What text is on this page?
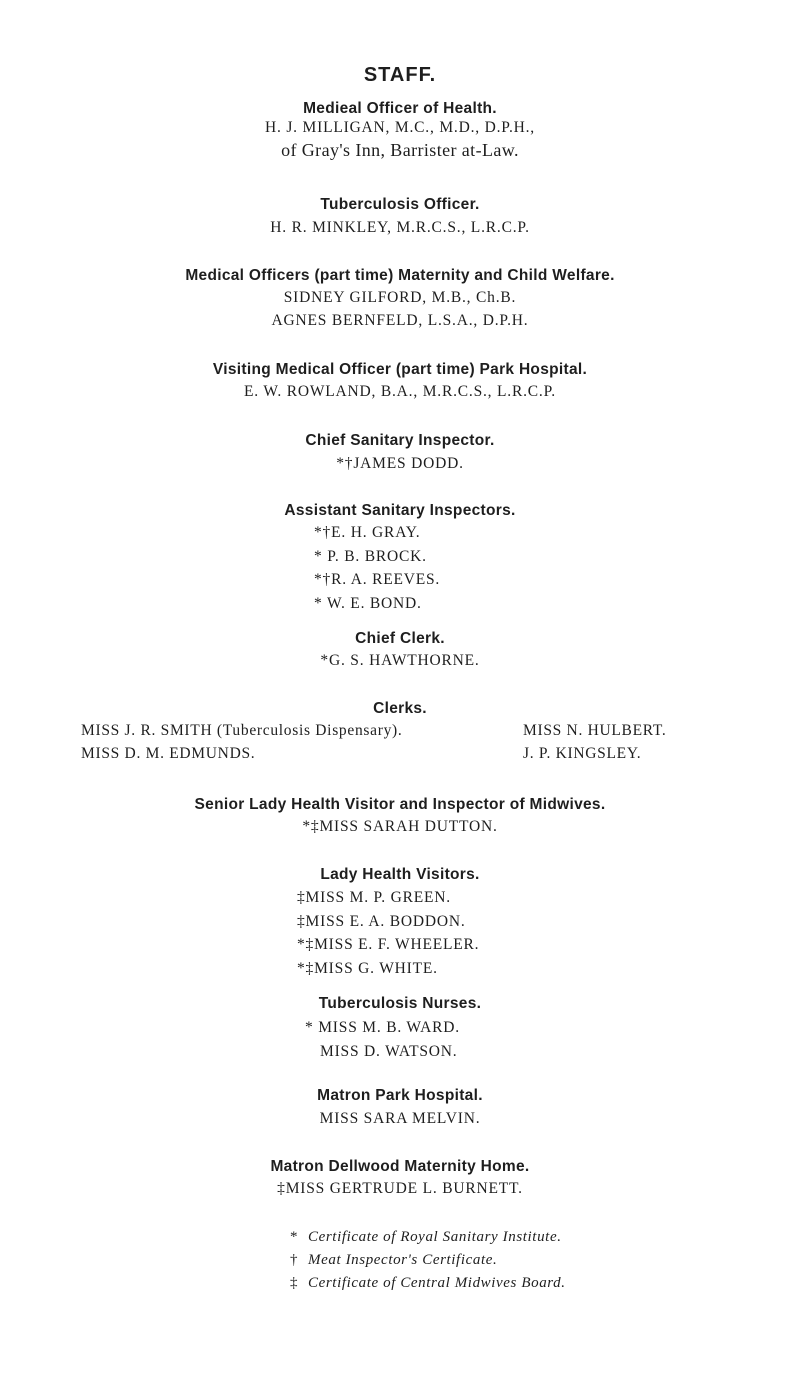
STAFF.
Medieal Officer of Health.
H. J. MILLIGAN, M.C., M.D., D.P.H.,
of Gray's Inn, Barrister at-Law.
Tuberculosis Officer.
H. R. MINKLEY, M.R.C.S., L.R.C.P.
Medical Officers (part time) Maternity and Child Welfare.
SIDNEY GILFORD, M.B., Ch.B.
AGNES BERNFELD, L.S.A., D.P.H.
Visiting Medical Officer (part time) Park Hospital.
E. W. ROWLAND, B.A., M.R.C.S., L.R.C.P.
Chief Sanitary Inspector.
*†JAMES DODD.
Assistant Sanitary Inspectors.
*†E. H. GRAY.
* P. B. BROCK.
*†R. A. REEVES.
* W. E. BOND.
Chief Clerk.
*G. S. HAWTHORNE.
Clerks.
MISS J. R. SMITH (Tuberculosis Dispensary).
MISS D. M. EDMUNDS.
MISS N. HULBERT.
J. P. KINGSLEY.
Senior Lady Health Visitor and Inspector of Midwives.
*‡MISS SARAH DUTTON.
Lady Health Visitors.
‡MISS M. P. GREEN.
‡MISS E. A. BODDON.
*‡MISS E. F. WHEELER.
*‡MISS G. WHITE.
Tuberculosis Nurses.
* MISS M. B. WARD.
MISS D. WATSON.
Matron Park Hospital.
MISS SARA MELVIN.
Matron Dellwood Maternity Home.
‡MISS GERTRUDE L. BURNETT.
* Certificate of Royal Sanitary Institute.
† Meat Inspector's Certificate.
‡ Certificate of Central Midwives Board.
